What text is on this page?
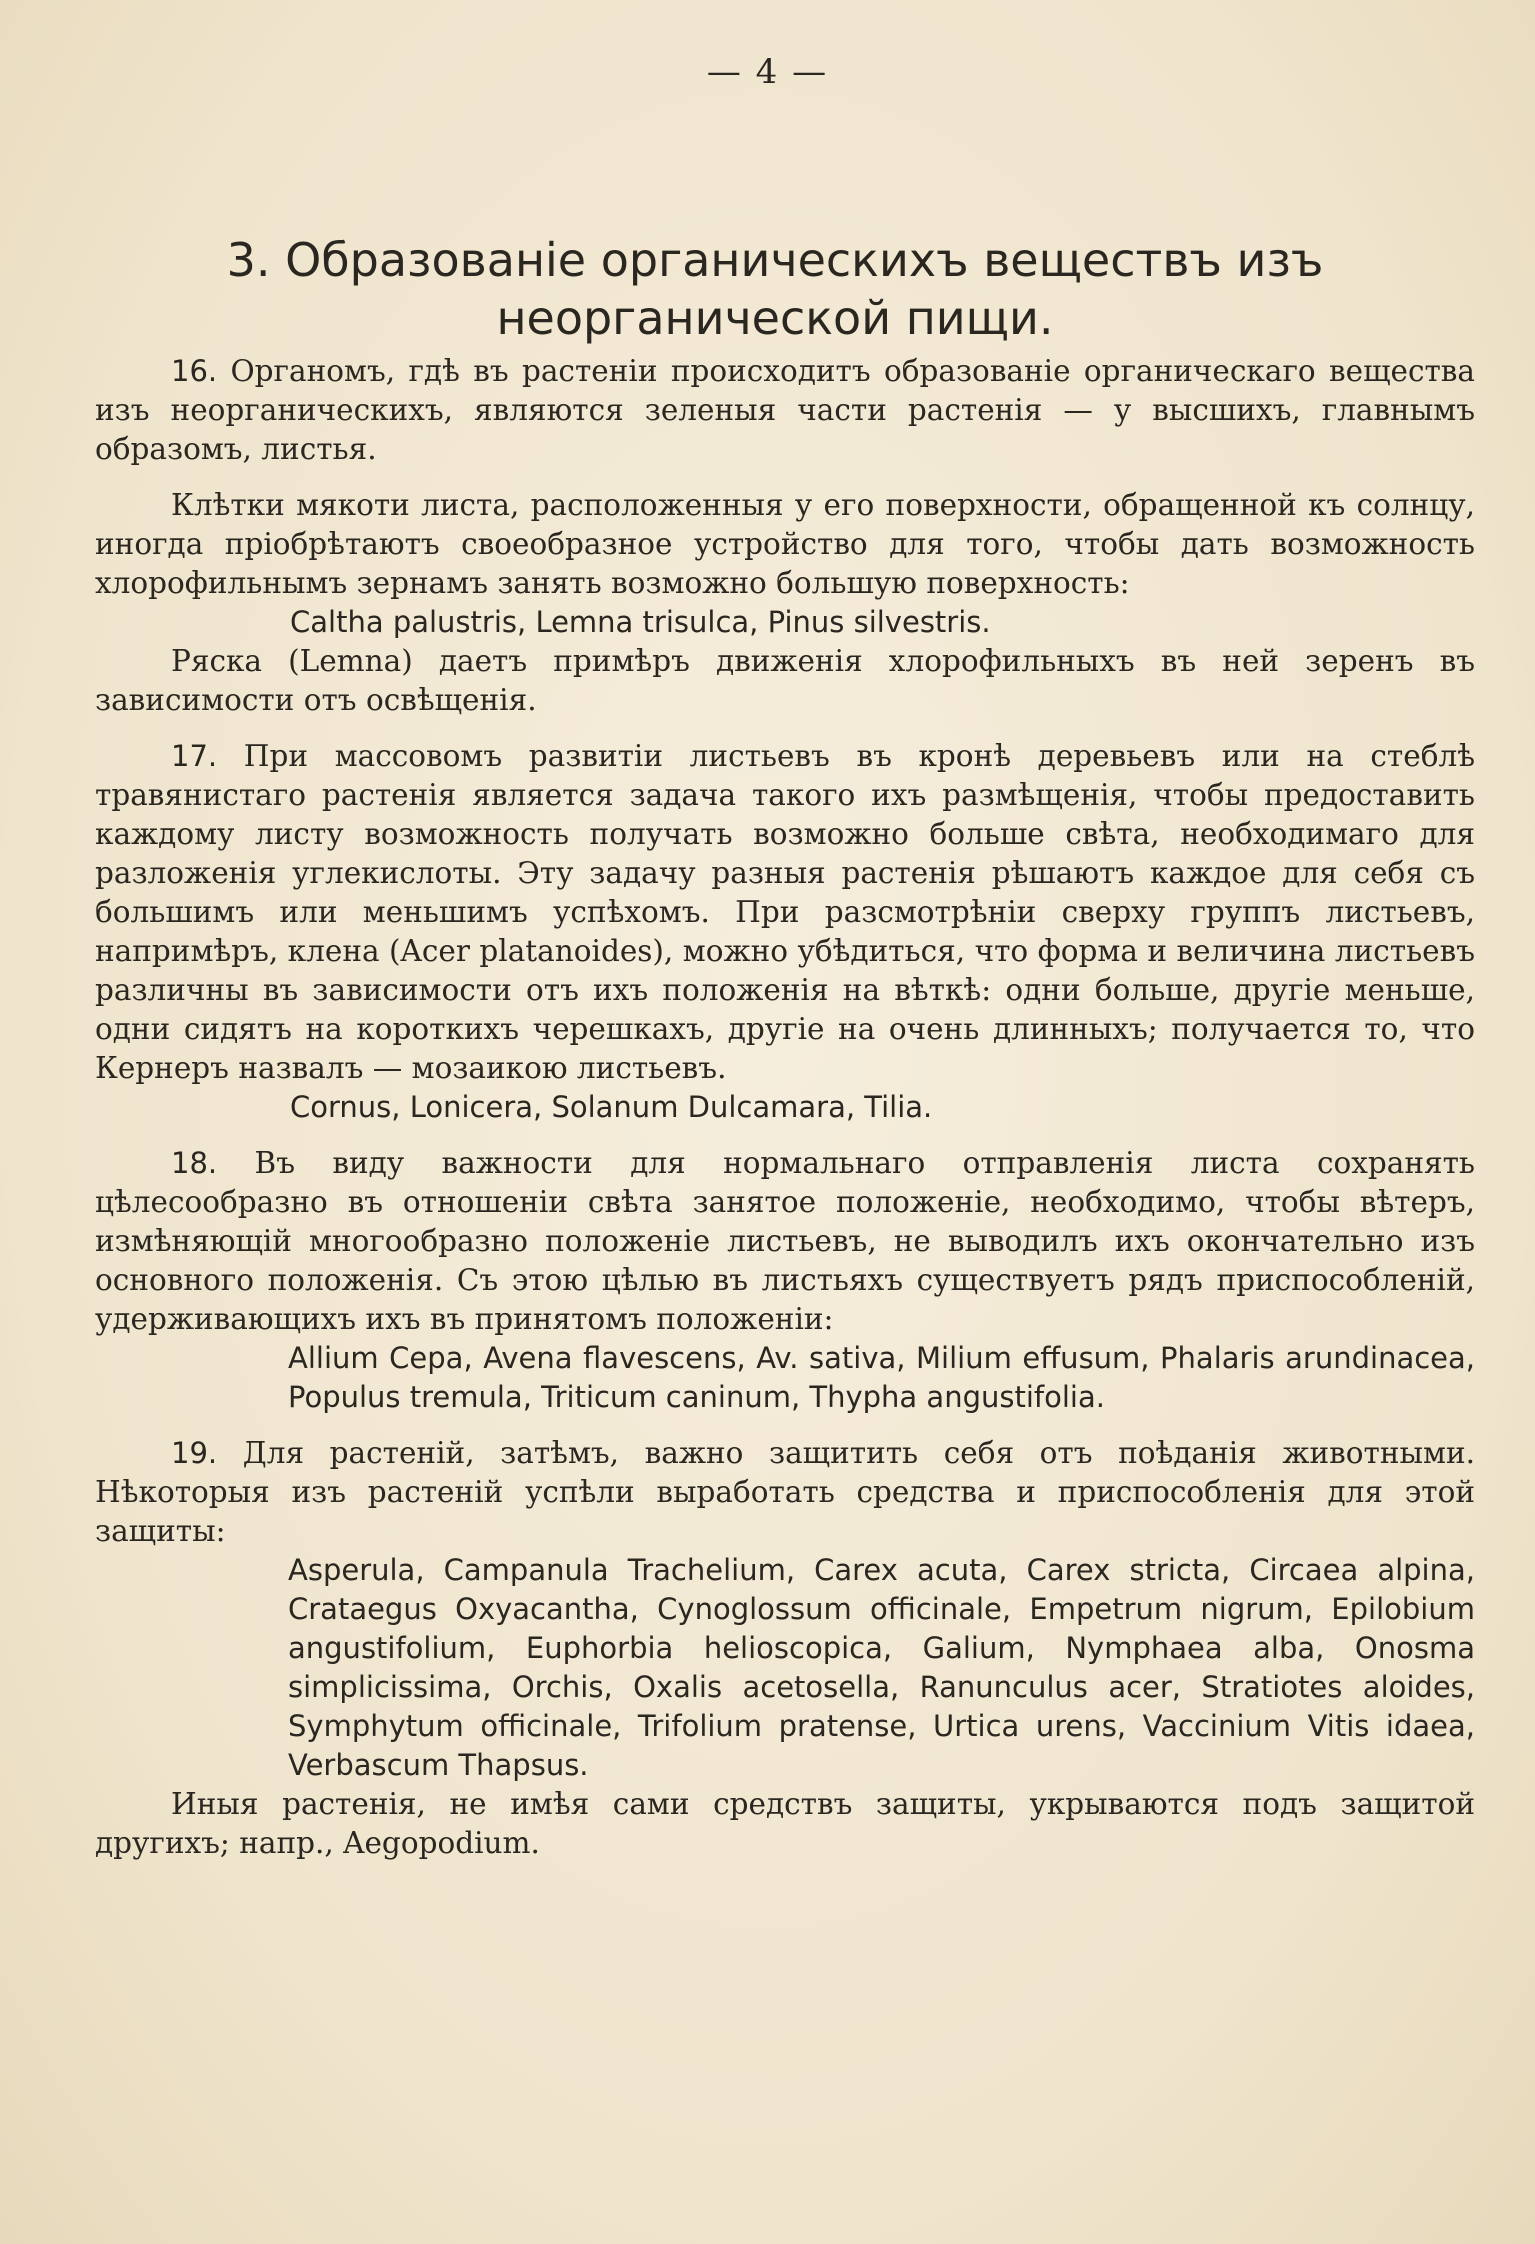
— 4 —
3. Образованіе органическихъ веществъ изъ неорганической пищи.

16. Органомъ, гдѣ въ растеніи происходитъ образованіе органическаго вещества изъ неорганическихъ, являются зеленыя части растенія — у высшихъ, главнымъ образомъ, листья.

Клѣтки мякоти листа, расположенныя у его поверхности, обращенной къ солнцу, иногда пріобрѣтаютъ своеобразное устройство для того, чтобы дать возможность хлорофильнымъ зернамъ занять возможно большую поверхность:

Caltha palustris, Lemna trisulca, Pinus silvestris.

Ряска (Lemna) даетъ примѣръ движенія хлорофильныхъ въ ней зеренъ въ зависимости отъ освѣщенія.

17. При массовомъ развитіи листьевъ въ кронѣ деревьевъ или на стеблѣ травянистаго растенія является задача такого ихъ размѣщенія, чтобы предоставить каждому листу возможность получать возможно больше свѣта, необходимаго для разложенія углекислоты. Эту задачу разныя растенія рѣшаютъ каждое для себя съ большимъ или меньшимъ успѣхомъ. При разсмотрѣніи сверху группъ листьевъ, напримѣръ, клена (Acer platanoides), можно убѣдиться, что форма и величина листьевъ различны въ зависимости отъ ихъ положенія на вѣткѣ: одни больше, другіе меньше, одни сидятъ на короткихъ черешкахъ, другіе на очень длинныхъ; получается то, что Кернеръ назвалъ — мозаикою листьевъ.

Cornus, Lonicera, Solanum Dulcamara, Tilia.

18. Въ виду важности для нормальнаго отправленія листа сохранять цѣлесообразно въ отношеніи свѣта занятое положеніе, необходимо, чтобы вѣтеръ, измѣняющій многообразно положеніе листьевъ, не выводилъ ихъ окончательно изъ основного положенія. Съ этою цѣлью въ листьяхъ существуетъ рядъ приспособленій, удерживающихъ ихъ въ принятомъ положеніи:

Allium Cepa, Avena flavescens, Av. sativa, Milium effusum, Phalaris arundinacea, Populus tremula, Triticum caninum, Thypha angustifolia.

19. Для растеній, затѣмъ, важно защитить себя отъ поѣданія животными. Нѣкоторыя изъ растеній успѣли выработать средства и приспособленія для этой защиты:

Asperula, Campanula Trachelium, Carex acuta, Carex stricta, Circaea alpina, Crataegus Oxyacantha, Cynoglossum officinale, Empetrum nigrum, Epilobium angustifolium, Euphorbia helioscopica, Galium, Nymphaea alba, Onosma simplicissima, Orchis, Oxalis acetosella, Ranunculus acer, Stratiotes aloides, Symphytum officinale, Trifolium pratense, Urtica urens, Vaccinium Vitis idaea, Verbascum Thapsus.

Иныя растенія, не имѣя сами средствъ защиты, укрываются подъ защитой другихъ; напр., Aegopodium.
